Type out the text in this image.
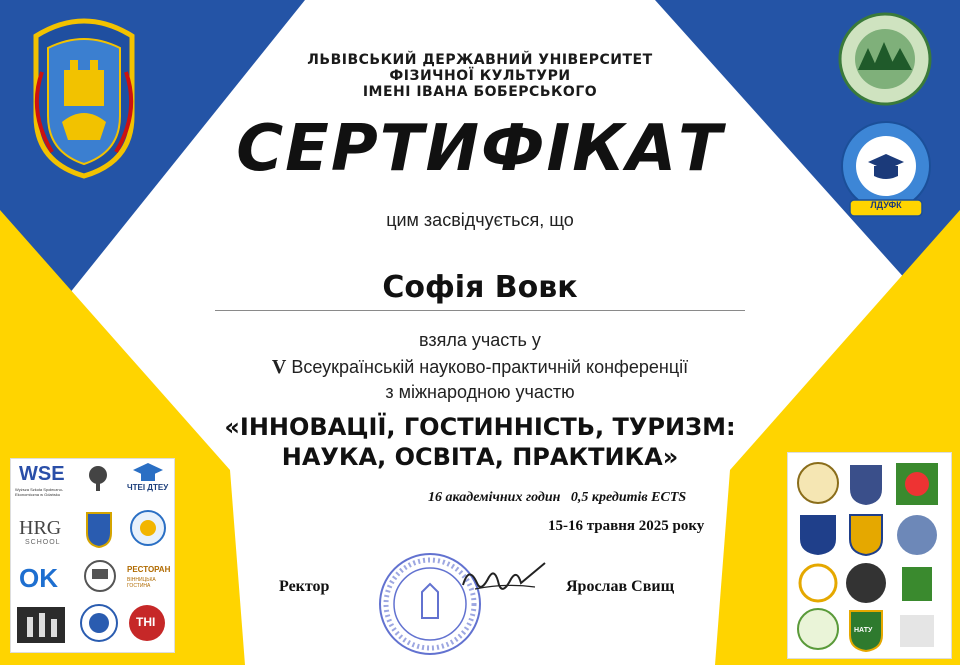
ЛЬВІВСЬКИЙ ДЕРЖАВНИЙ УНІВЕРСИТЕТ
ФІЗИЧНОЇ КУЛЬТУРИ
ІМЕНІ ІВАНА БОБЕРСЬКОГО
СЕРТИФІКАТ
цим засвідчується, що
Софія Вовк
взяла участь у
V Всеукраїнській науково-практичній конференції
з міжнародною участю
«ІННОВАЦІЇ, ГОСТИННІСТЬ, ТУРИЗМ:
НАУКА, ОСВІТА, ПРАКТИКА»
16 академічних годин   0,5 кредитів ECTS
15-16 травня 2025 року
Ректор	Ярослав Свищ
ЛДУФК
WSE
Wyższa Szkoła Społeczno-Ekonomiczna w Gdańsku
ЧТЕІ ДТЕУ
HRG
SCHOOL
OK	РЕСТОРАН
ВІННИЦЬКА ГОСТИНА
ТНІ
НАТУ
